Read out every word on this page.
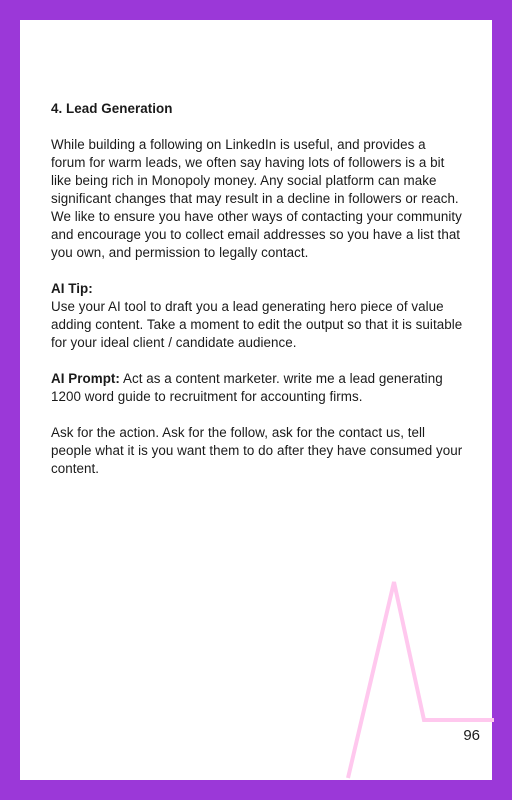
4. Lead Generation

While building a following on LinkedIn is useful, and provides a forum for warm leads, we often say having lots of followers is a bit like being rich in Monopoly money. Any social platform can make significant changes that may result in a decline in followers or reach. We like to ensure you have other ways of contacting your community and encourage you to collect email addresses so you have a list that you own, and permission to legally contact.

AI Tip:

Use your AI tool to draft you a lead generating hero piece of value adding content. Take a moment to edit the output so that it is suitable for your ideal client / candidate audience.

AI Prompt: Act as a content marketer. write me a lead generating 1200 word guide to recruitment for accounting firms.

Ask for the action. Ask for the follow, ask for the contact us, tell people what it is you want them to do after they have consumed your content.

96
